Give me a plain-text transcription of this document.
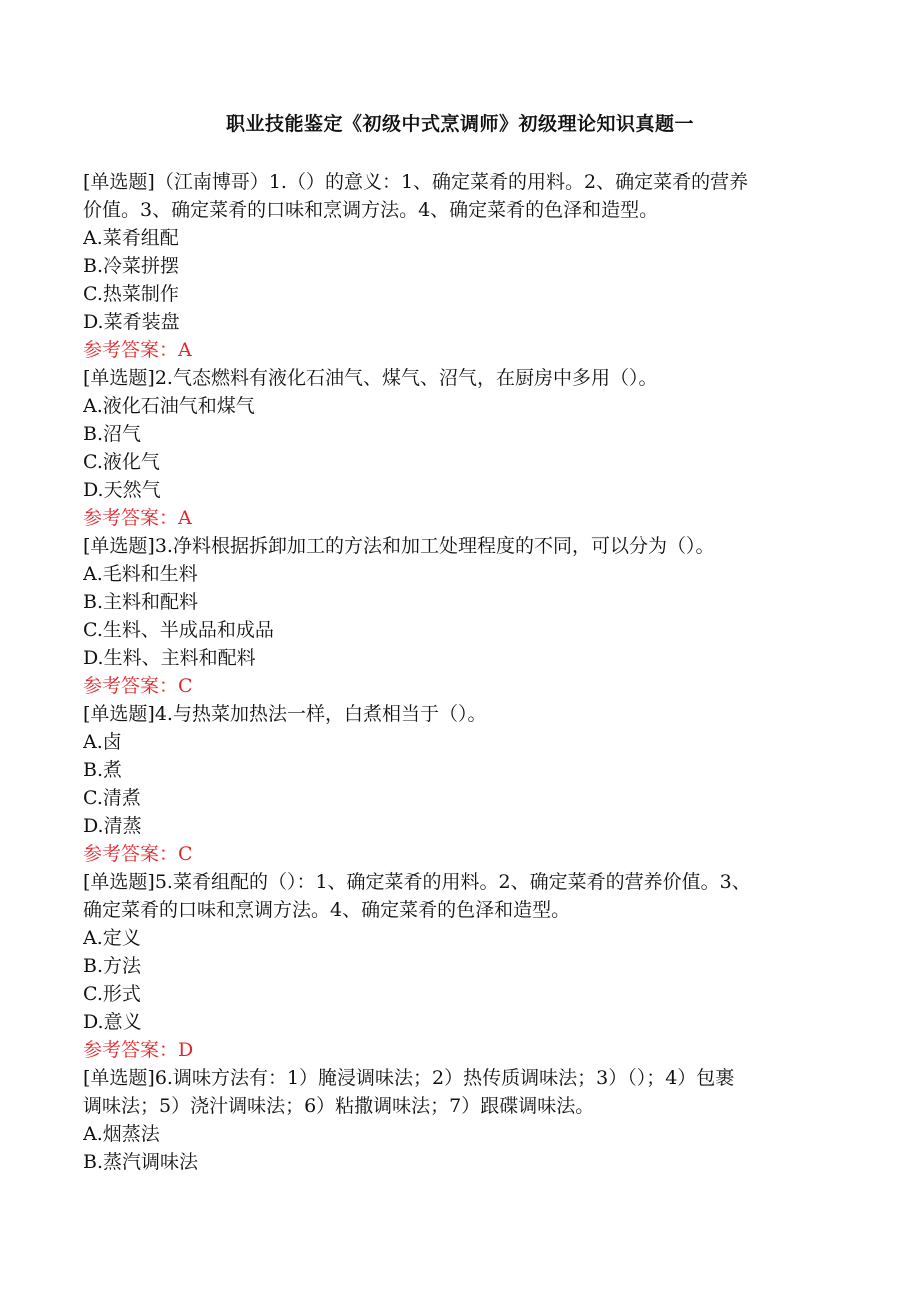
职业技能鉴定《初级中式烹调师》初级理论知识真题一
[单选题]（江南博哥）1.（）的意义：1、确定菜肴的用料。2、确定菜肴的营养
价值。3、确定菜肴的口味和烹调方法。4、确定菜肴的色泽和造型。
A.菜肴组配
B.冷菜拼摆
C.热菜制作
D.菜肴装盘
参考答案：A
[单选题]2.气态燃料有液化石油气、煤气、沼气，在厨房中多用（）。
A.液化石油气和煤气
B.沼气
C.液化气
D.天然气
参考答案：A
[单选题]3.净料根据拆卸加工的方法和加工处理程度的不同，可以分为（）。
A.毛料和生料
B.主料和配料
C.生料、半成品和成品
D.生料、主料和配料
参考答案：C
[单选题]4.与热菜加热法一样，白煮相当于（）。
A.卤
B.煮
C.清煮
D.清蒸
参考答案：C
[单选题]5.菜肴组配的（）：1、确定菜肴的用料。2、确定菜肴的营养价值。3、
确定菜肴的口味和烹调方法。4、确定菜肴的色泽和造型。
A.定义
B.方法
C.形式
D.意义
参考答案：D
[单选题]6.调味方法有：1）腌浸调味法；2）热传质调味法；3）（）；4）包裹
调味法；5）浇汁调味法；6）粘撒调味法；7）跟碟调味法。
A.烟蒸法
B.蒸汽调味法
